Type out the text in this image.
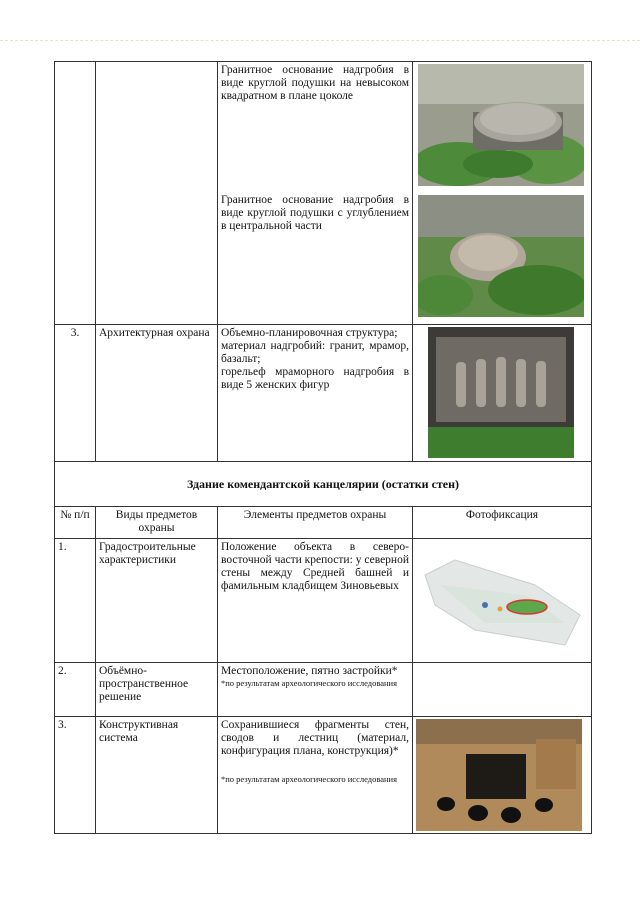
		Гранитное основание надгробия в виде круглой подушки на невысоком квадратном в плане цоколе
Гранитное основание надгробия в виде круглой подушки с углублением в центральной части

3.	Архитектурная охрана	Объемно-планировочная структура;
материал надгробий: гранит, мрамор, базальт;
горельеф мраморного надгробия в виде 5 женских фигур

Здание комендантской канцелярии (остатки стен)			
№ п/п	Виды предметов охраны	Элементы предметов охраны	Фотофиксация
1.	Градостроительные характеристики	Положение объекта в северо-восточной части крепости: у северной стены между Средней башней и фамильным кладбищем Зиновьевых	

2.	Объёмно-пространственное решение	Местоположение, пятно застройки*
*по результатам археологического исследования	

3.	Конструктивная система	Сохранившиеся фрагменты стен, сводов и лестниц (материал, конфигурация плана, конструкция)*
*по результатам археологического исследования
